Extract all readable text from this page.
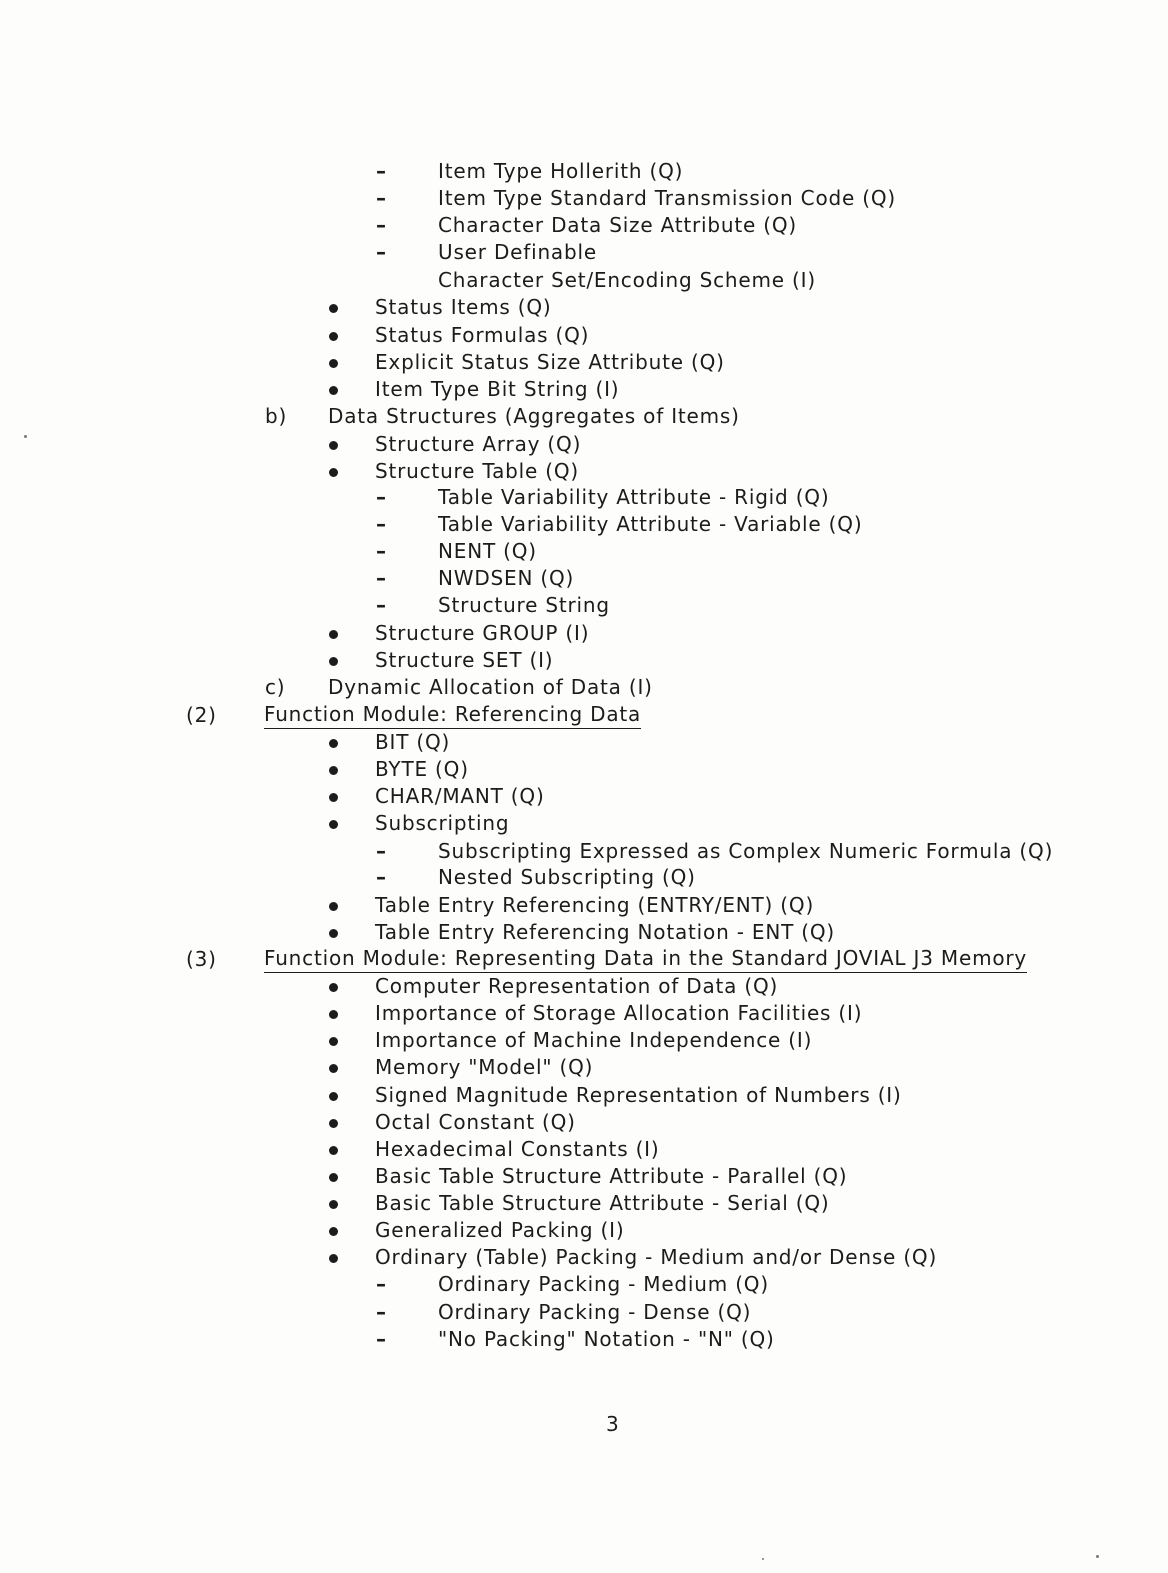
–	Item Type Hollerith (Q)
–	Item Type Standard Transmission Code (Q)
–	Character Data Size Attribute (Q)
–	User Definable
Character Set/Encoding Scheme (I)
Status Items (Q)
Status Formulas (Q)
Explicit Status Size Attribute (Q)
Item Type Bit String (I)
b) Data Structures (Aggregates of Items)
Structure Array (Q)
Structure Table (Q)
–	Table Variability Attribute - Rigid (Q)
–	Table Variability Attribute - Variable (Q)
–	NENT (Q)
–	NWDSEN (Q)
–	Structure String
Structure GROUP (I)
Structure SET (I)
c) Dynamic Allocation of Data (I)
(2) Function Module: Referencing Data
BIT (Q)
BYTE (Q)
CHAR/MANT (Q)
Subscripting
–	Subscripting Expressed as Complex Numeric Formula (Q)
–	Nested Subscripting (Q)
Table Entry Referencing (ENTRY/ENT) (Q)
Table Entry Referencing Notation - ENT (Q)
(3) Function Module: Representing Data in the Standard JOVIAL J3 Memory
Computer Representation of Data (Q)
Importance of Storage Allocation Facilities (I)
Importance of Machine Independence (I)
Memory "Model" (Q)
Signed Magnitude Representation of Numbers (I)
Octal Constant (Q)
Hexadecimal Constants (I)
Basic Table Structure Attribute - Parallel (Q)
Basic Table Structure Attribute - Serial (Q)
Generalized Packing (I)
Ordinary (Table) Packing - Medium and/or Dense (Q)
–	Ordinary Packing - Medium (Q)
–	Ordinary Packing - Dense (Q)
–	"No Packing" Notation - "N" (Q)
3
